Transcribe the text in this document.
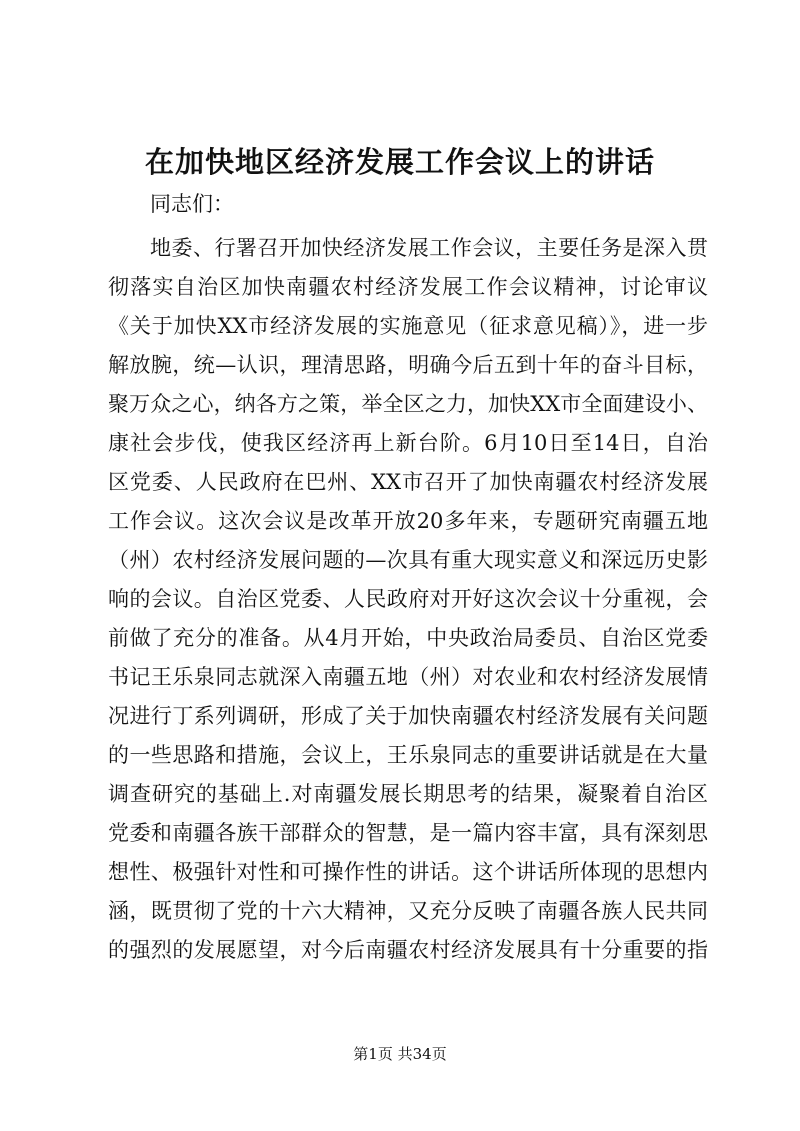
在加快地区经济发展工作会议上的讲话

同志们：

地委、行署召开加快经济发展工作会议，主要任务是深入贯

彻落实自治区加快南疆农村经济发展工作会议精神，讨论审议

《关于加快XX市经济发展的实施意见（征求意见稿）》，进一步

解放腕，统—认识，理清思路，明确今后五到十年的奋斗目标，

聚万众之心，纳各方之策，举全区之力，加快XX市全面建设小、

康社会步伐，使我区经济再上新台阶。6月10日至14日，自治

区党委、人民政府在巴州、XX市召开了加快南疆农村经济发展

工作会议。这次会议是改革开放20多年来，专题研究南疆五地

（州）农村经济发展问题的—次具有重大现实意义和深远历史影

响的会议。自治区党委、人民政府对开好这次会议十分重视，会

前做了充分的准备。从4月开始，中央政治局委员、自治区党委

书记王乐泉同志就深入南疆五地（州）对农业和农村经济发展情

况进行丁系列调研，形成了关于加快南疆农村经济发展有关问题

的一些思路和措施，会议上，王乐泉同志的重要讲话就是在大量

调查研究的基础上.对南疆发展长期思考的结果，凝聚着自治区

党委和南疆各族干部群众的智慧，是一篇内容丰富，具有深刻思

想性、极强针对性和可操作性的讲话。这个讲话所体现的思想内

涵，既贯彻了党的十六大精神，又充分反映了南疆各族人民共同

的强烈的发展愿望，对今后南疆农村经济发展具有十分重要的指

第1页 共34页
